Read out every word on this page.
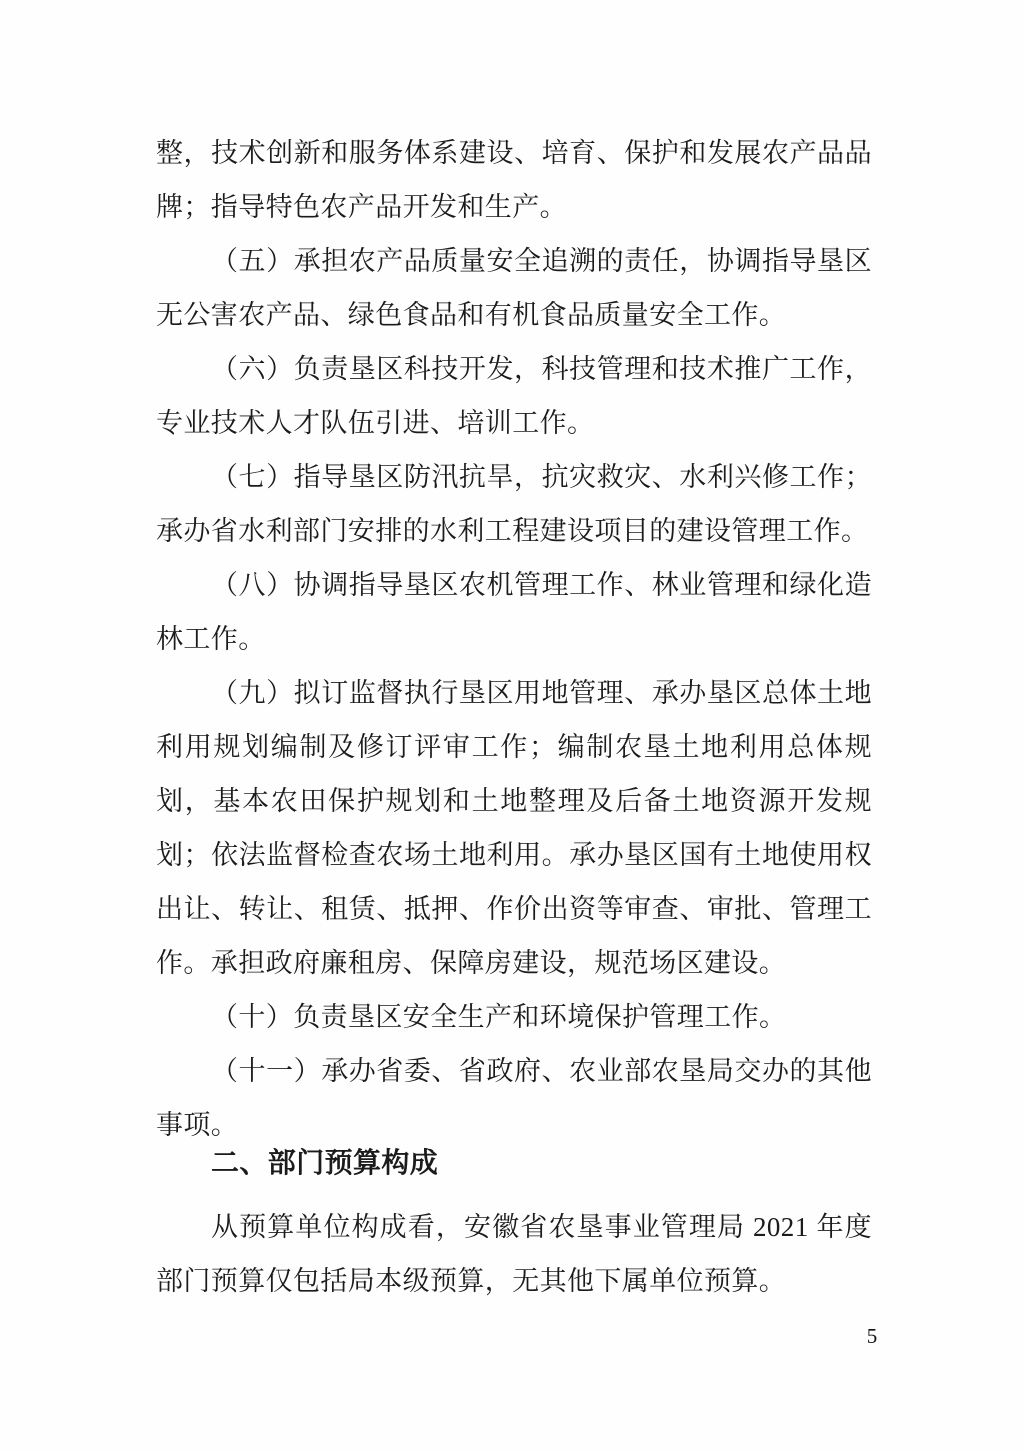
整，技术创新和服务体系建设、培育、保护和发展农产品品
牌；指导特色农产品开发和生产。
（五）承担农产品质量安全追溯的责任，协调指导垦区
无公害农产品、绿色食品和有机食品质量安全工作。
（六）负责垦区科技开发，科技管理和技术推广工作，
专业技术人才队伍引进、培训工作。
（七）指导垦区防汛抗旱，抗灾救灾、水利兴修工作；
承办省水利部门安排的水利工程建设项目的建设管理工作。
（八）协调指导垦区农机管理工作、林业管理和绿化造
林工作。
（九）拟订监督执行垦区用地管理、承办垦区总体土地
利用规划编制及修订评审工作；编制农垦土地利用总体规
划，基本农田保护规划和土地整理及后备土地资源开发规
划；依法监督检查农场土地利用。承办垦区国有土地使用权
出让、转让、租赁、抵押、作价出资等审查、审批、管理工
作。承担政府廉租房、保障房建设，规范场区建设。
（十）负责垦区安全生产和环境保护管理工作。
（十一）承办省委、省政府、农业部农垦局交办的其他
事项。
二、部门预算构成
从预算单位构成看，安徽省农垦事业管理局 2021 年度
部门预算仅包括局本级预算，无其他下属单位预算。
5
